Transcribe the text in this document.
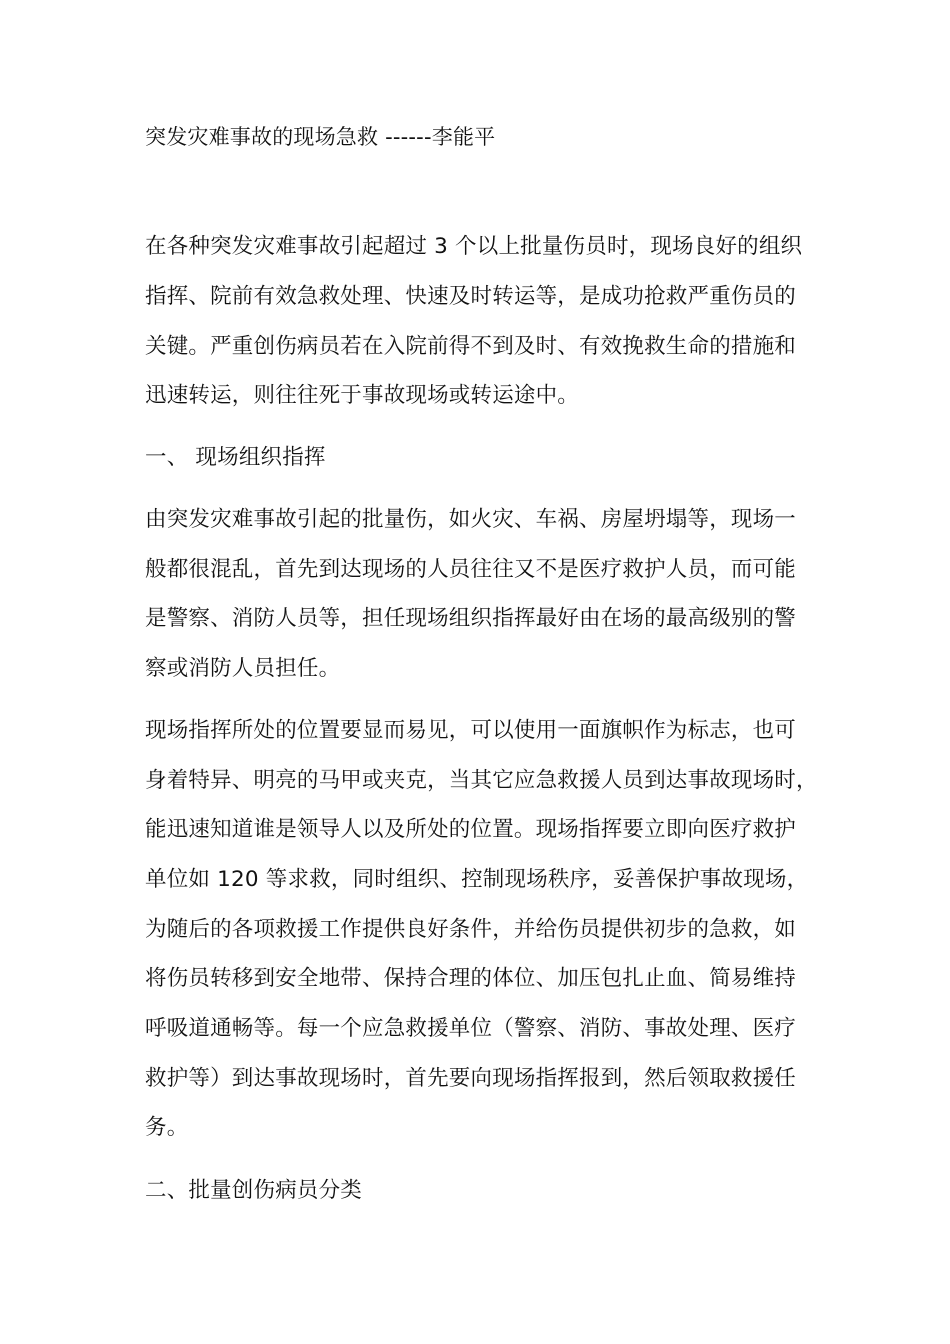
突发灾难事故的现场急救 ------李能平
在各种突发灾难事故引起超过 3 个以上批量伤员时，现场良好的组织
指挥、院前有效急救处理、快速及时转运等，是成功抢救严重伤员的
关键。严重创伤病员若在入院前得不到及时、有效挽救生命的措施和
迅速转运，则往往死于事故现场或转运途中。
一、 现场组织指挥
由突发灾难事故引起的批量伤，如火灾、车祸、房屋坍塌等，现场一
般都很混乱，首先到达现场的人员往往又不是医疗救护人员，而可能
是警察、消防人员等，担任现场组织指挥最好由在场的最高级别的警
察或消防人员担任。
现场指挥所处的位置要显而易见，可以使用一面旗帜作为标志，也可
身着特异、明亮的马甲或夹克，当其它应急救援人员到达事故现场时，
能迅速知道谁是领导人以及所处的位置。现场指挥要立即向医疗救护
单位如 120 等求救，同时组织、控制现场秩序，妥善保护事故现场，
为随后的各项救援工作提供良好条件，并给伤员提供初步的急救，如
将伤员转移到安全地带、保持合理的体位、加压包扎止血、简易维持
呼吸道通畅等。每一个应急救援单位（警察、消防、事故处理、医疗
救护等）到达事故现场时，首先要向现场指挥报到，然后领取救援任
务。
二、批量创伤病员分类
